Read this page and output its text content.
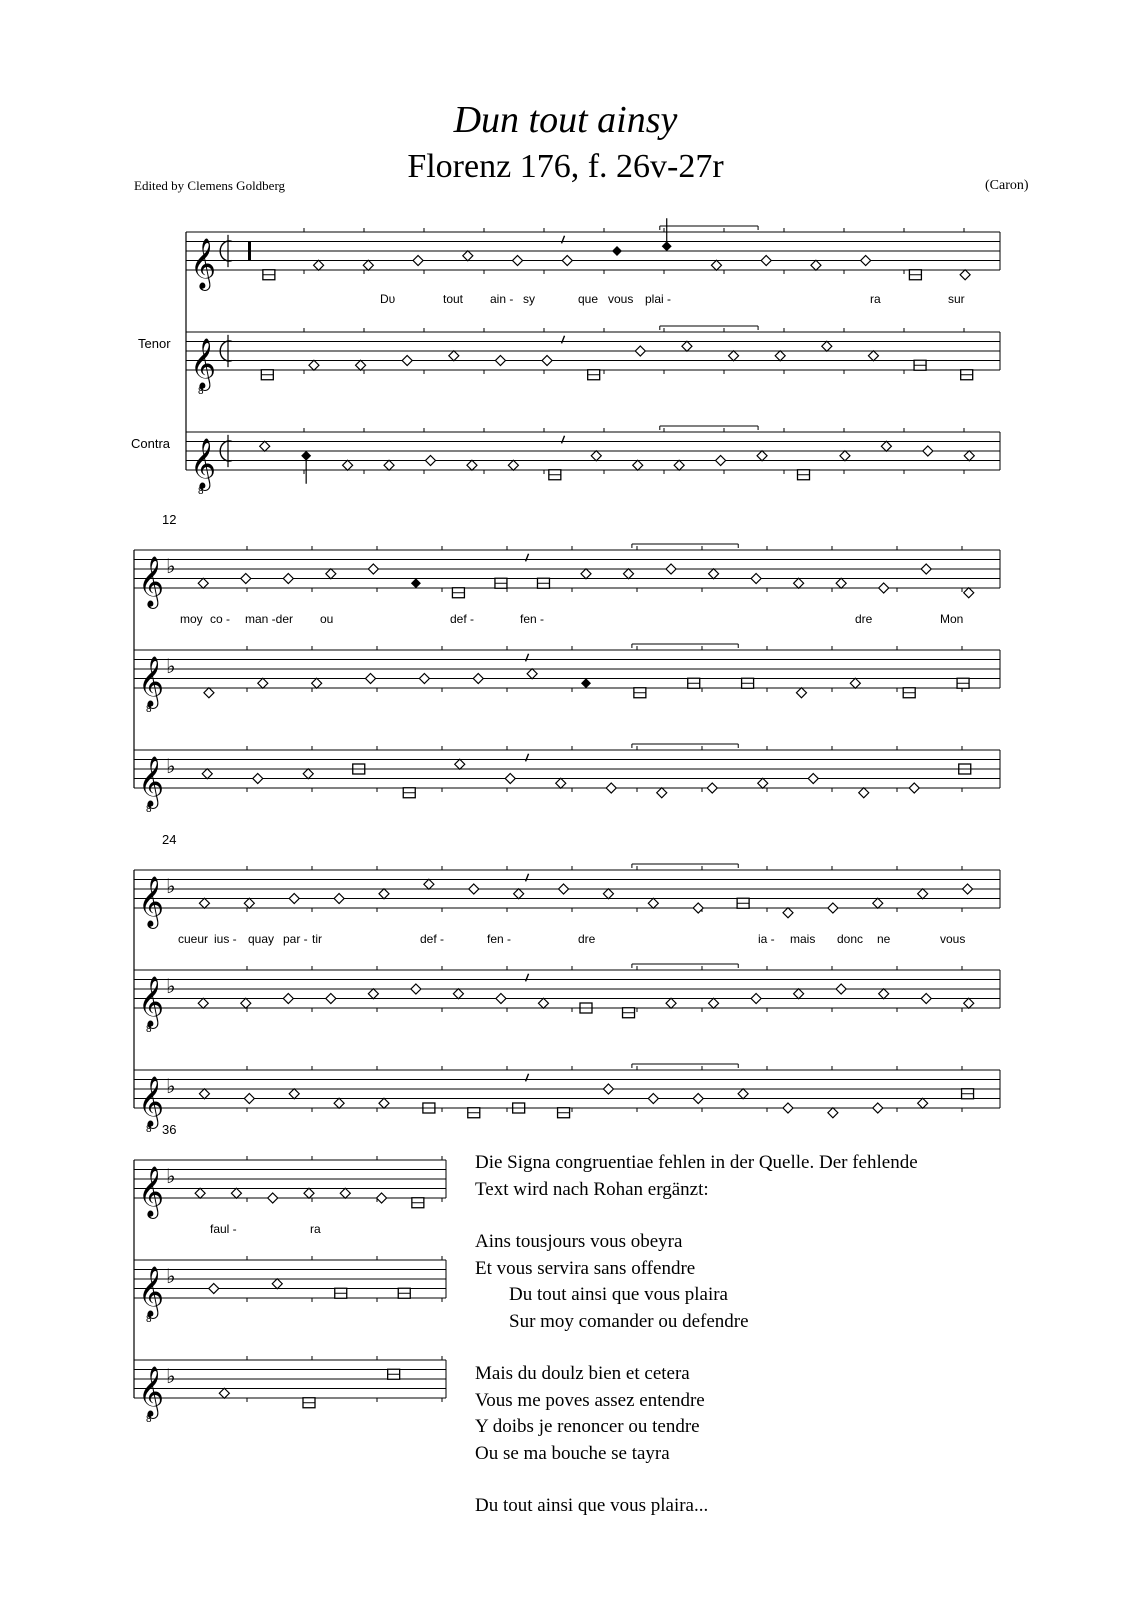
Dun tout ainsy
Florenz 176, f. 26v-27r
Edited by Clemens Goldberg	(Caron)
Tenor
Contra
12
24
36
𝄞
𝄞
8
𝄞
8
𝄞 ♭
𝄞
8
♭
𝄞
8
♭
𝄞 ♭
𝄞
8
♭
𝄞
8
♭
𝄞 ♭
𝄞
8
♭
𝄞
8
♭
Dυ	tout ain - sy	que vous plai -	ra	sur
moy co - man -der ou	def -	fen -	dre	Mon
cueur ius - quay par - tir	def -	fen -	dre	ia - mais donc ne	vous
faul -	ra

Die Signa congruentiae fehlen in der Quelle. Der fehlende

Text wird nach Rohan ergänzt:

Ains tousjours vous obeyra

Et vous servira sans offendre

Du tout ainsi que vous plaira

Sur moy comander ou defendre

Mais du doulz bien et cetera

Vous me poves assez entendre

Y doibs je renoncer ou tendre

Ou se ma bouche se tayra

Du tout ainsi que vous plaira...
